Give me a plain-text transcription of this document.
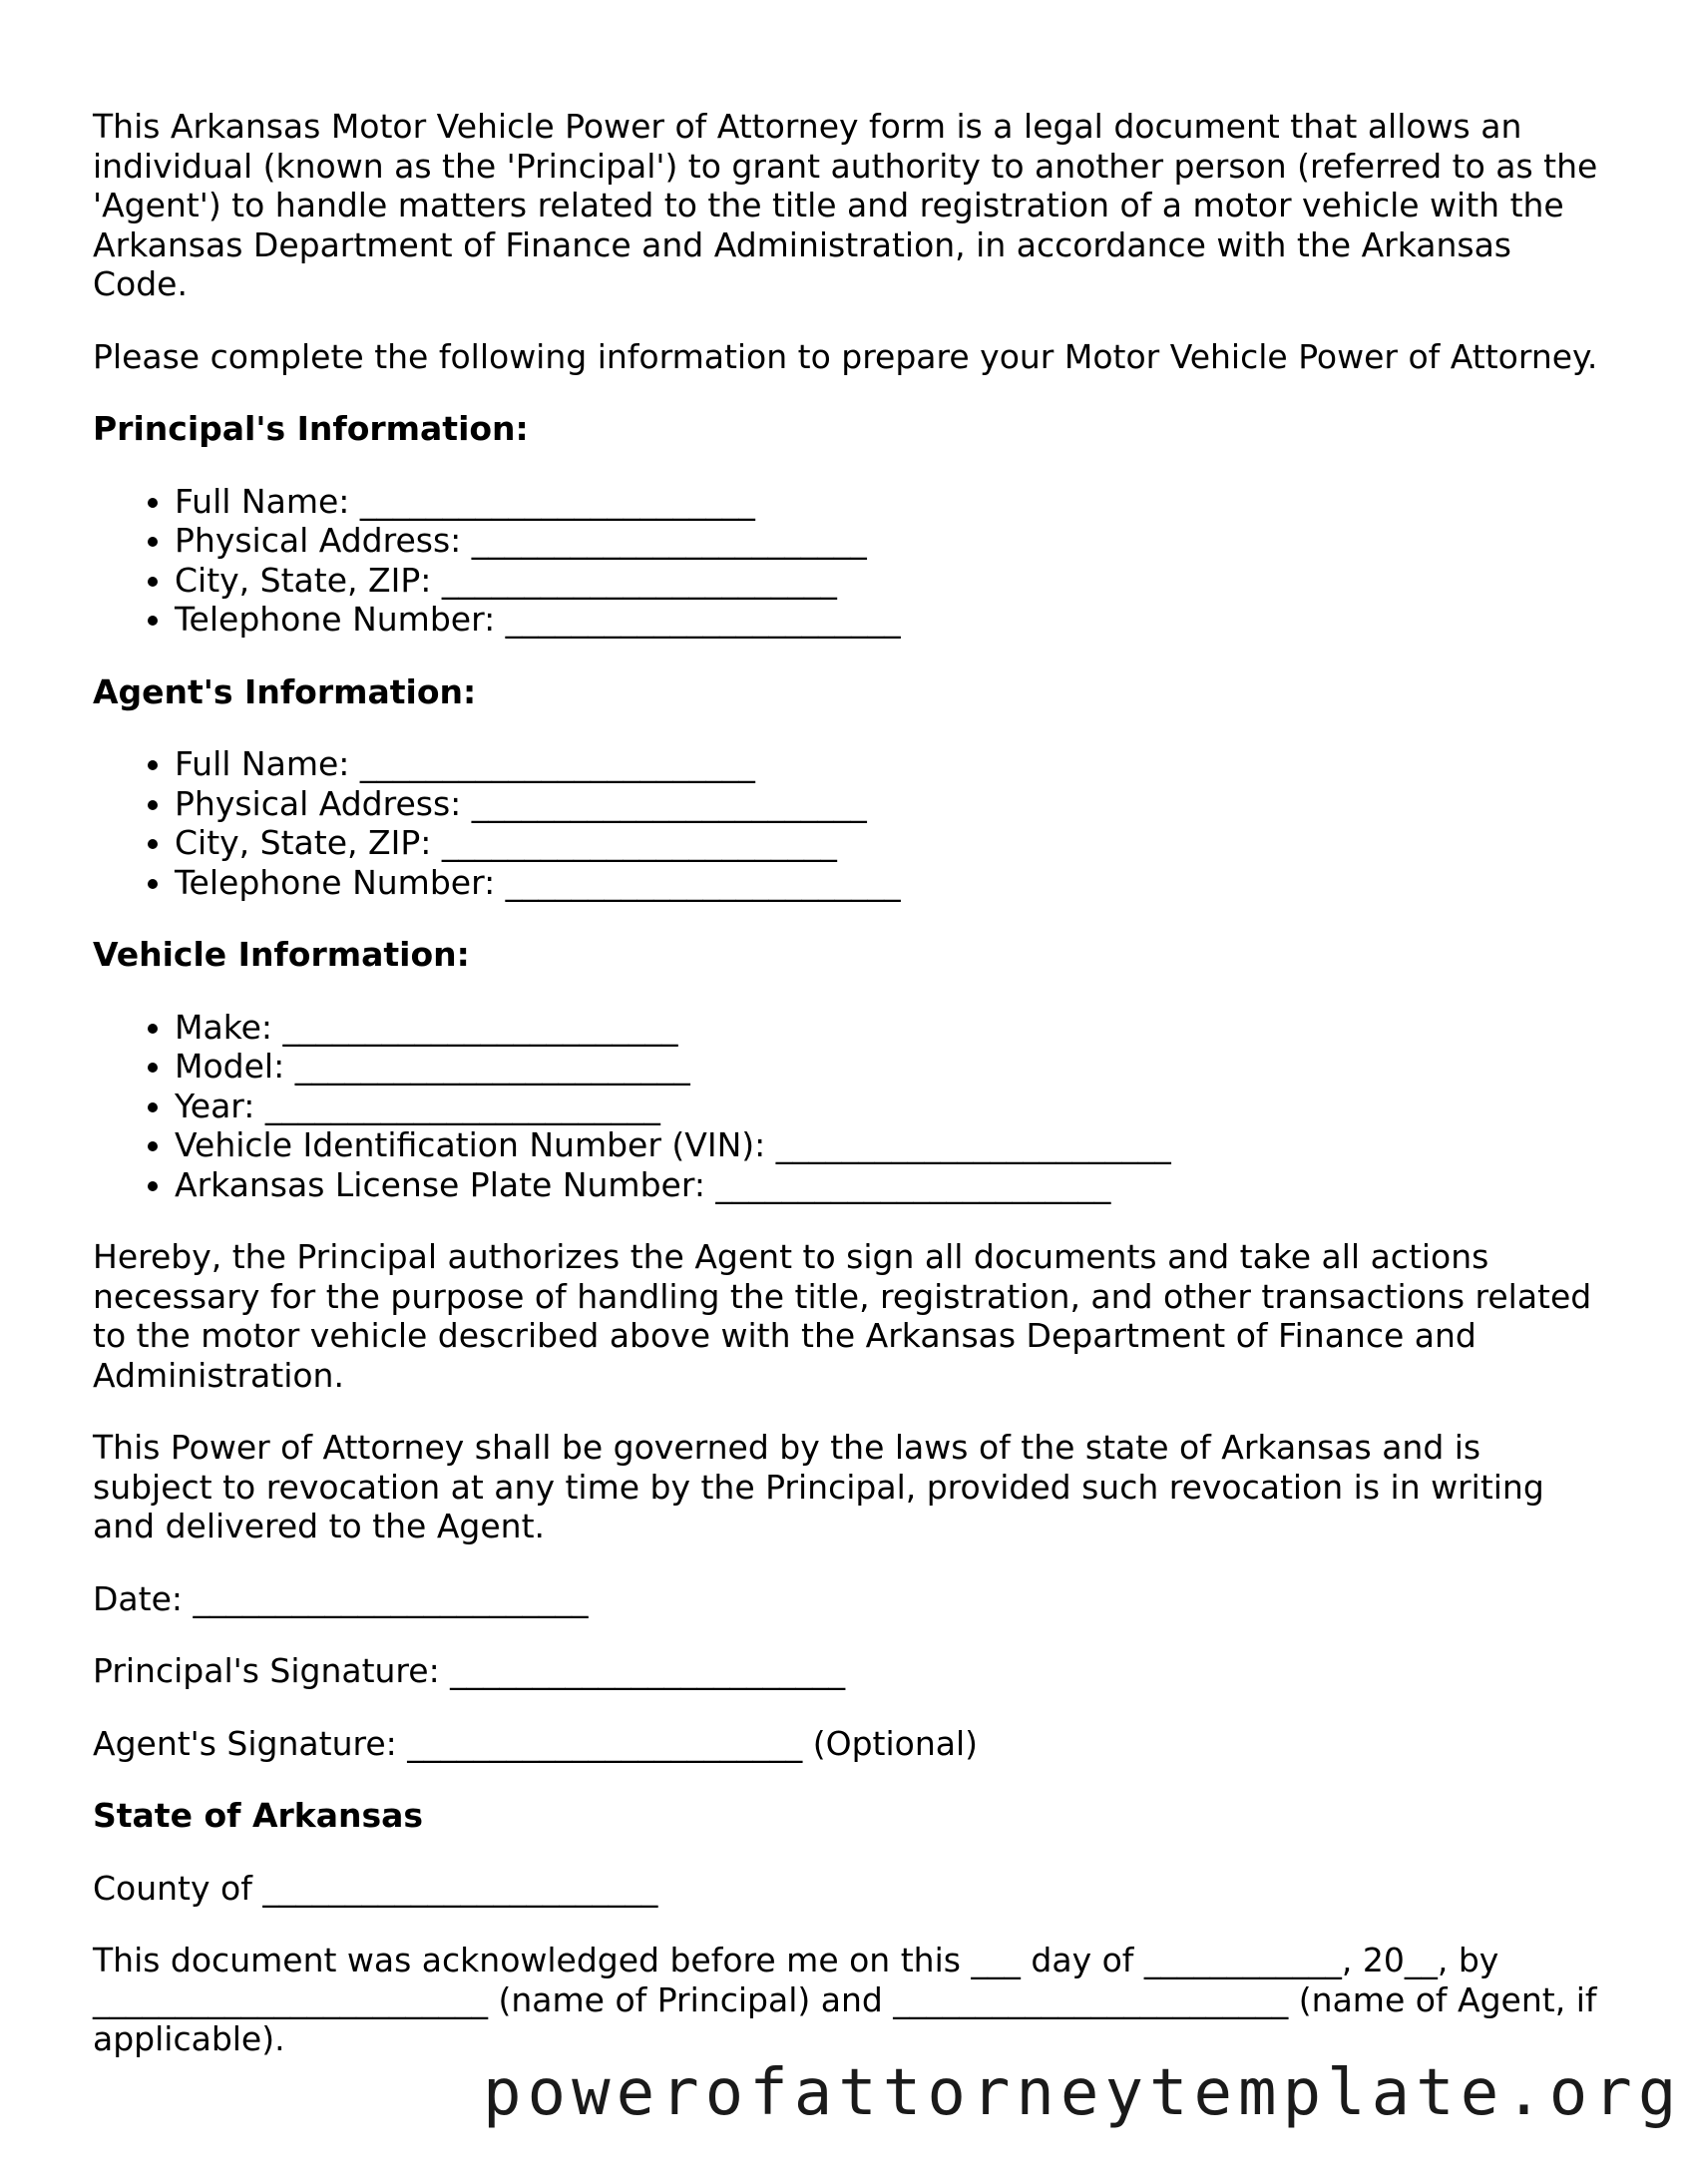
This Arkansas Motor Vehicle Power of Attorney form is a legal document that allows an individual (known as the 'Principal') to grant authority to another person (referred to as the 'Agent') to handle matters related to the title and registration of a motor vehicle with the Arkansas Department of Finance and Administration, in accordance with the Arkansas Code.

Please complete the following information to prepare your Motor Vehicle Power of Attorney.

Principal's Information:
• Full Name: ________________________
• Physical Address: ________________________
• City, State, ZIP: ________________________
• Telephone Number: ________________________
Agent's Information:
• Full Name: ________________________
• Physical Address: ________________________
• City, State, ZIP: ________________________
• Telephone Number: ________________________
Vehicle Information:
• Make: ________________________
• Model: ________________________
• Year: ________________________
• Vehicle Identification Number (VIN): ________________________
• Arkansas License Plate Number: ________________________

Hereby, the Principal authorizes the Agent to sign all documents and take all actions necessary for the purpose of handling the title, registration, and other transactions related to the motor vehicle described above with the Arkansas Department of Finance and Administration.

This Power of Attorney shall be governed by the laws of the state of Arkansas and is subject to revocation at any time by the Principal, provided such revocation is in writing and delivered to the Agent.

Date: ________________________

Principal's Signature: ________________________

Agent's Signature: ________________________ (Optional)

State of Arkansas

County of ________________________

This document was acknowledged before me on this ___ day of ____________, 20__, by ________________________ (name of Principal) and ________________________ (name of Agent, if applicable).

powerofattorneytemplate.org
